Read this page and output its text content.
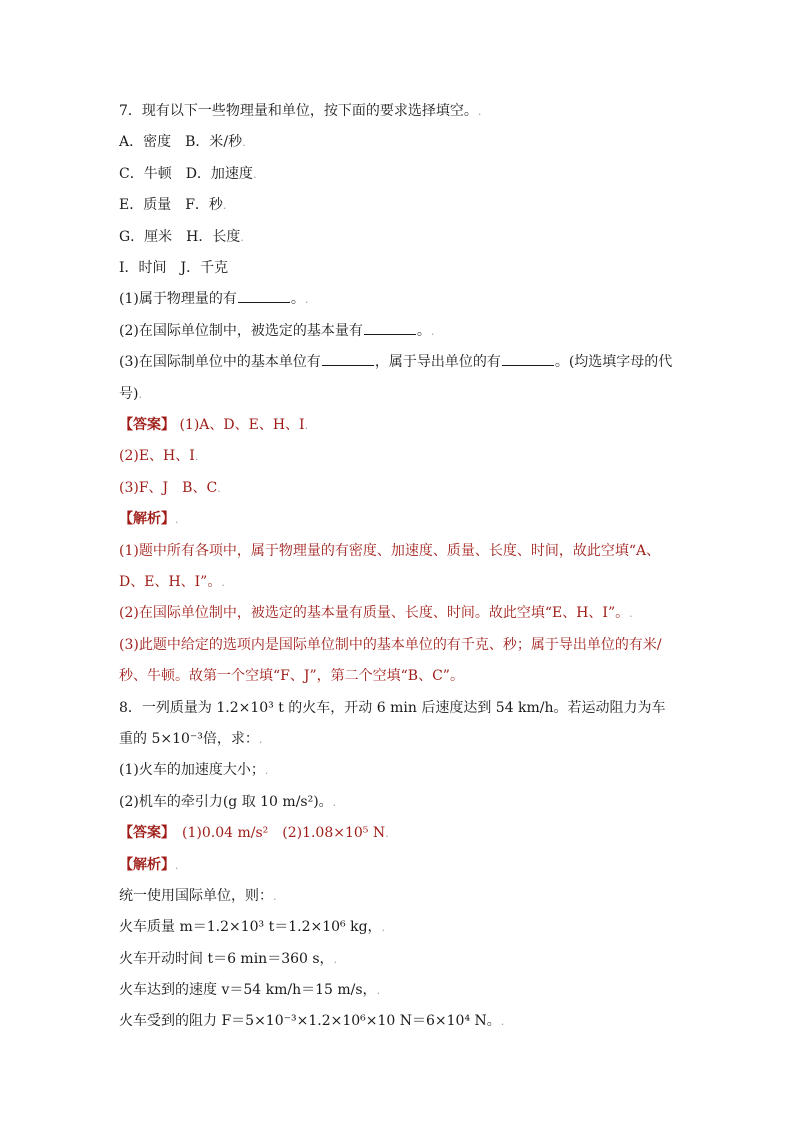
7．现有以下一些物理量和单位，按下面的要求选择填空。.
A．密度　B．米/秒.
C．牛顿　D．加速度.
E．质量　F．秒.
G．厘米　H．长度.
I．时间　J．千克
(1)属于物理量的有	。.
(2)在国际单位制中，被选定的基本量有	。.
(3)在国际制单位中的基本单位有	，属于导出单位的有	。(均选填字母的代号).
【答案】 (1)A、D、E、H、I.
(2)E、H、I.
(3)F、J　B、C.
【解析】.
(1)题中所有各项中，属于物理量的有密度、加速度、质量、长度、时间，故此空填“A、D、E、H、I”。.
(2)在国际单位制中，被选定的基本量有质量、长度、时间。故此空填“E、H、I”。.
(3)此题中给定的选项内是国际单位制中的基本单位的有千克、秒；属于导出单位的有米/秒、牛顿。故第一个空填“F、J”，第二个空填“B、C”。
8．一列质量为 1.2×10³ t 的火车，开动 6 min 后速度达到 54 km/h。若运动阻力为车重的 5×10⁻³倍，求：.
(1)火车的加速度大小；.
(2)机车的牵引力(g 取 10 m/s²)。.
【答案】　 (1)0.04 m/s²　(2)1.08×10⁵ N.
【解析】.
统一使用国际单位，则：.
火车质量 m＝1.2×10³ t＝1.2×10⁶ kg，.
火车开动时间 t＝6 min＝360 s，.
火车达到的速度 v＝54 km/h＝15 m/s，.
火车受到的阻力 F＝5×10⁻³×1.2×10⁶×10 N＝6×10⁴ N。.
